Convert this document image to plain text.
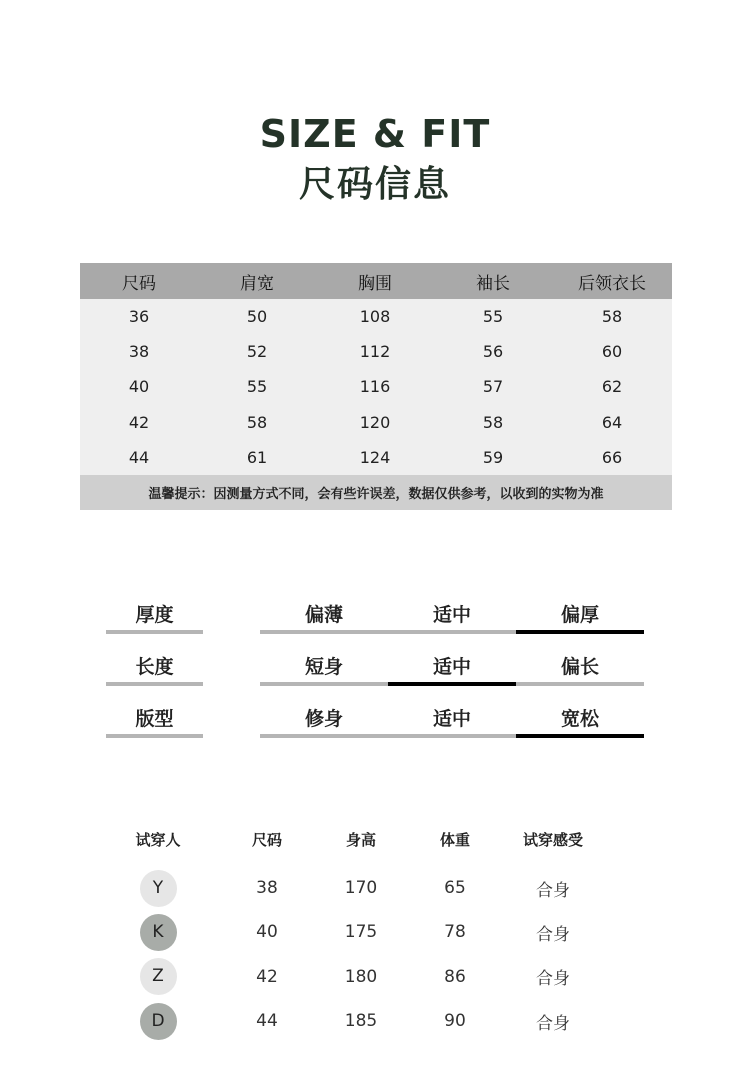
SIZE & FIT
尺码信息
尺码	肩宽	胸围	袖长	后领衣长
36	50	108	55	58
38	52	112	56	60
40	55	116	57	62
42	58	120	58	64
44	61	124	59	66
温馨提示：因测量方式不同，会有些许误差，数据仅供参考，以收到的实物为准
厚度	偏薄	适中	偏厚
长度	短身	适中	偏长
版型	修身	适中	宽松
试穿人	尺码	身高	体重	试穿感受
Y	38	170	65	合身
K	40	175	78	合身
Z	42	180	86	合身
D	44	185	90	合身
